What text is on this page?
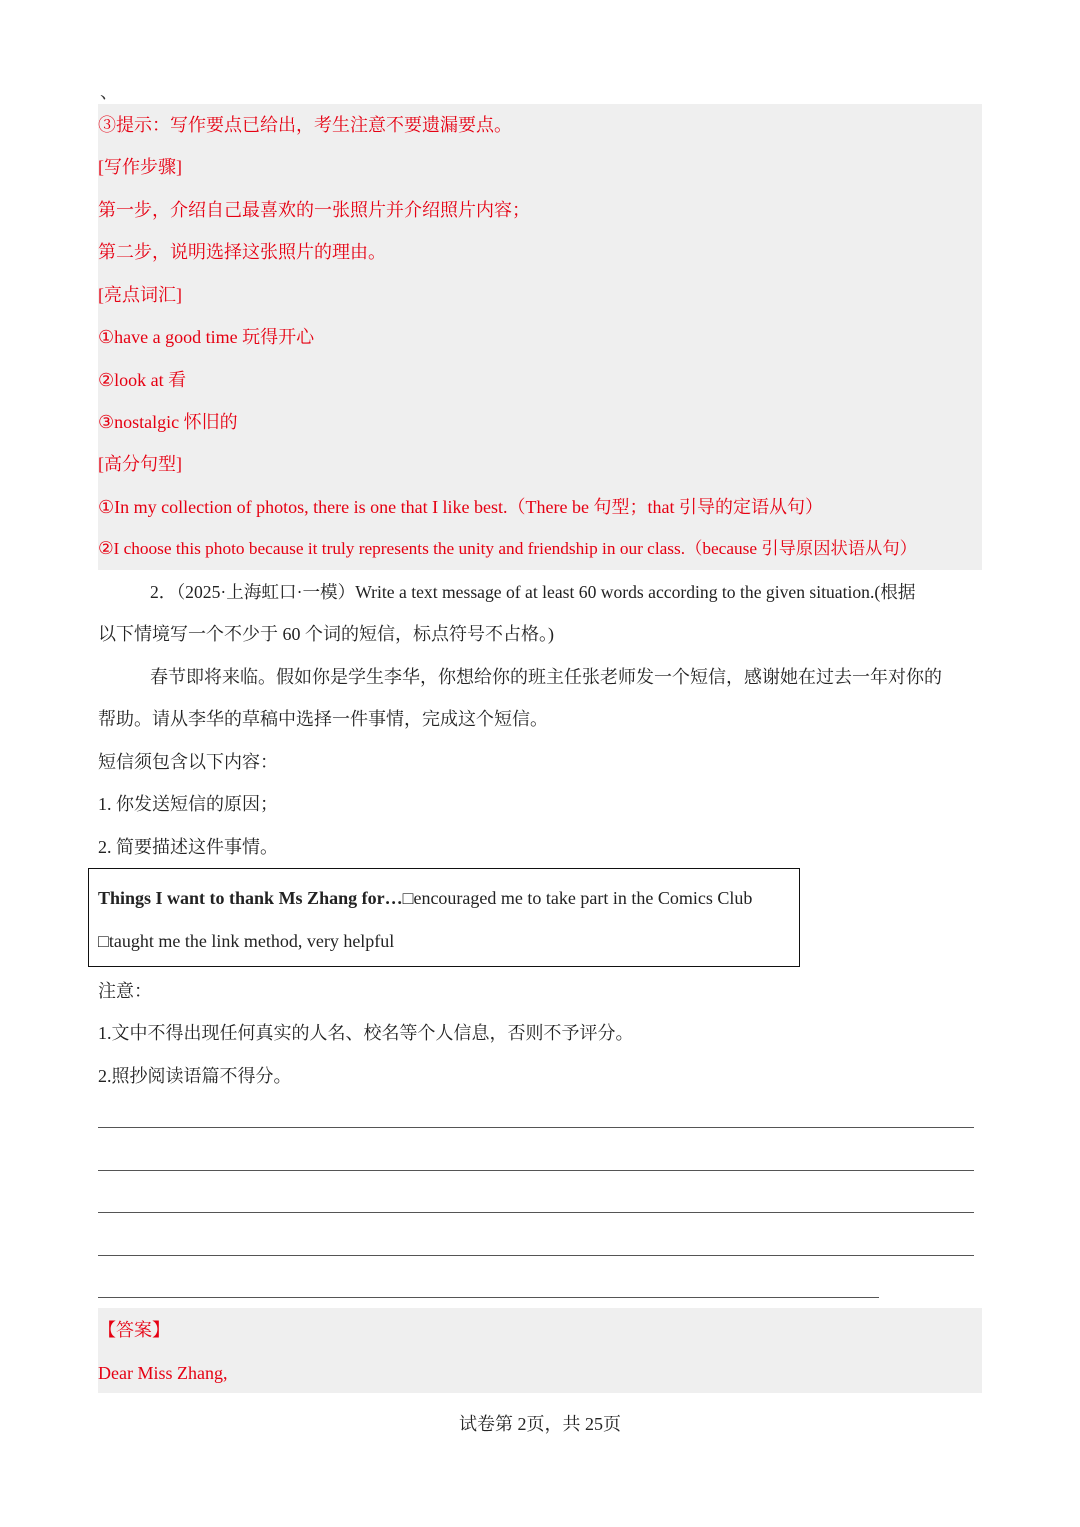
、
③提示：写作要点已给出，考生注意不要遗漏要点。
[写作步骤]
第一步，介绍自己最喜欢的一张照片并介绍照片内容；
第二步，说明选择这张照片的理由。
[亮点词汇]
①have a good time 玩得开心
②look at 看
③nostalgic 怀旧的
[高分句型]
①In my collection of photos, there is one that I like best.（There be 句型；that 引导的定语从句）
②I choose this photo because it truly represents the unity and friendship in our class.（because 引导原因状语从句）
2．（2025·上海虹口·一模）Write a text message of at least 60 words according to the given situation.(根据
以下情境写一个不少于 60 个词的短信，标点符号不占格。)
春节即将来临。假如你是学生李华，你想给你的班主任张老师发一个短信，感谢她在过去一年对你的
帮助。请从李华的草稿中选择一件事情，完成这个短信。
短信须包含以下内容：
1. 你发送短信的原因；
2. 简要描述这件事情。
Things I want to thank Ms Zhang for…□encouraged me to take part in the Comics Club
□taught me the link method, very helpful
注意：
1.文中不得出现任何真实的人名、校名等个人信息，否则不予评分。
2.照抄阅读语篇不得分。
【答案】
Dear Miss Zhang,
试卷第 2页，共 25页
